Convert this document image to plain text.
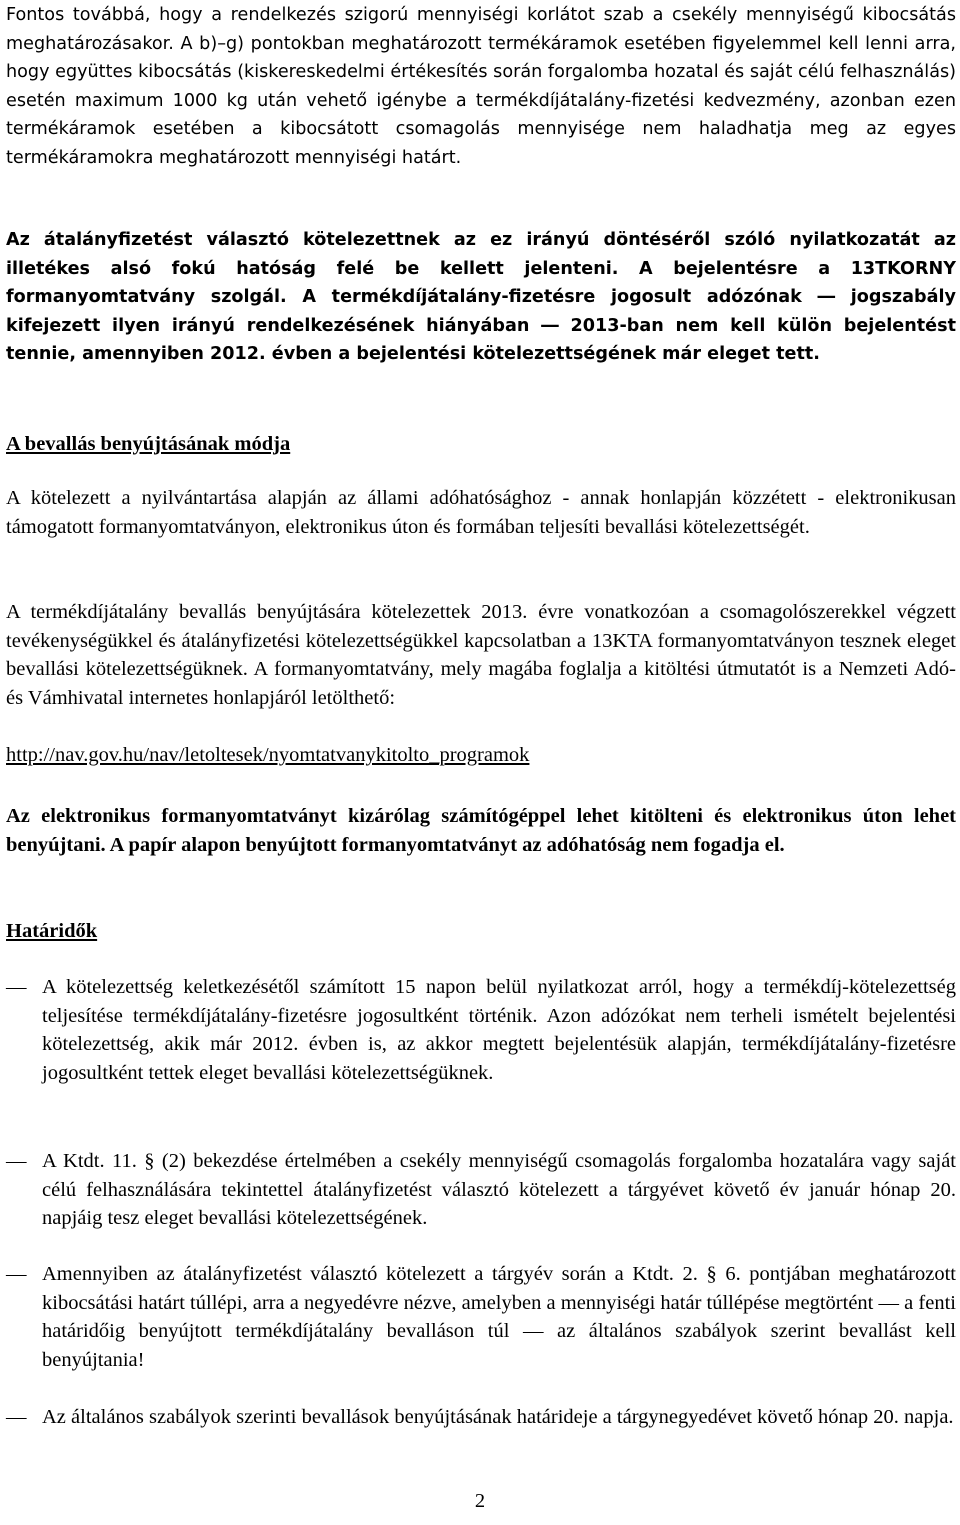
Fontos továbbá, hogy a rendelkezés szigorú mennyiségi korlátot szab a csekély mennyiségű kibocsátás meghatározásakor. A b)–g) pontokban meghatározott termékáramok esetében figyelemmel kell lenni arra, hogy együttes kibocsátás (kiskereskedelmi értékesítés során forgalomba hozatal és saját célú felhasználás) esetén maximum 1000 kg után vehető igénybe a termékdíjátalány-fizetési kedvezmény, azonban ezen termékáramok esetében a kibocsátott csomagolás mennyisége nem haladhatja meg az egyes termékáramokra meghatározott mennyiségi határt.

Az átalányfizetést választó kötelezettnek az ez irányú döntéséről szóló nyilatkozatát az illetékes alsó fokú hatóság felé be kellett jelenteni. A bejelentésre a 13TKORNY formanyomtatvány szolgál. A termékdíjátalány-fizetésre jogosult adózónak ― jogszabály kifejezett ilyen irányú rendelkezésének hiányában ― 2013-ban nem kell külön bejelentést tennie, amennyiben 2012. évben a bejelentési kötelezettségének már eleget tett.

A bevallás benyújtásának módja

A kötelezett a nyilvántartása alapján az állami adóhatósághoz - annak honlapján közzétett - elektronikusan támogatott formanyomtatványon, elektronikus úton és formában teljesíti bevallási kötelezettségét.

A termékdíjátalány bevallás benyújtására kötelezettek 2013. évre vonatkozóan a csomagolószerekkel végzett tevékenységükkel és átalányfizetési kötelezettségükkel kapcsolatban a 13KTA formanyomtatványon tesznek eleget bevallási kötelezettségüknek. A formanyomtatvány, mely magába foglalja a kitöltési útmutatót is a Nemzeti Adó- és Vámhivatal internetes honlapjáról letölthető:

http://nav.gov.hu/nav/letoltesek/nyomtatvanykitolto_programok

Az elektronikus formanyomtatványt kizárólag számítógéppel lehet kitölteni és elektronikus úton lehet benyújtani. A papír alapon benyújtott formanyomtatványt az adóhatóság nem fogadja el.

Határidők

― A kötelezettség keletkezésétől számított 15 napon belül nyilatkozat arról, hogy a termékdíj-kötelezettség teljesítése termékdíjátalány-fizetésre jogosultként történik. Azon adózókat nem terheli ismételt bejelentési kötelezettség, akik már 2012. évben is, az akkor megtett bejelentésük alapján, termékdíjátalány-fizetésre jogosultként tettek eleget bevallási kötelezettségüknek.
― A Ktdt. 11. § (2) bekezdése értelmében a csekély mennyiségű csomagolás forgalomba hozatalára vagy saját célú felhasználására tekintettel átalányfizetést választó kötelezett a tárgyévet követő év január hónap 20. napjáig tesz eleget bevallási kötelezettségének.
― Amennyiben az átalányfizetést választó kötelezett a tárgyév során a Ktdt. 2. § 6. pontjában meghatározott kibocsátási határt túllépi, arra a negyedévre nézve, amelyben a mennyiségi határ túllépése megtörtént ― a fenti határidőig benyújtott termékdíjátalány bevalláson túl ― az általános szabályok szerint bevallást kell benyújtania!
― Az általános szabályok szerinti bevallások benyújtásának határideje a tárgynegyedévet követő hónap 20. napja.
2
